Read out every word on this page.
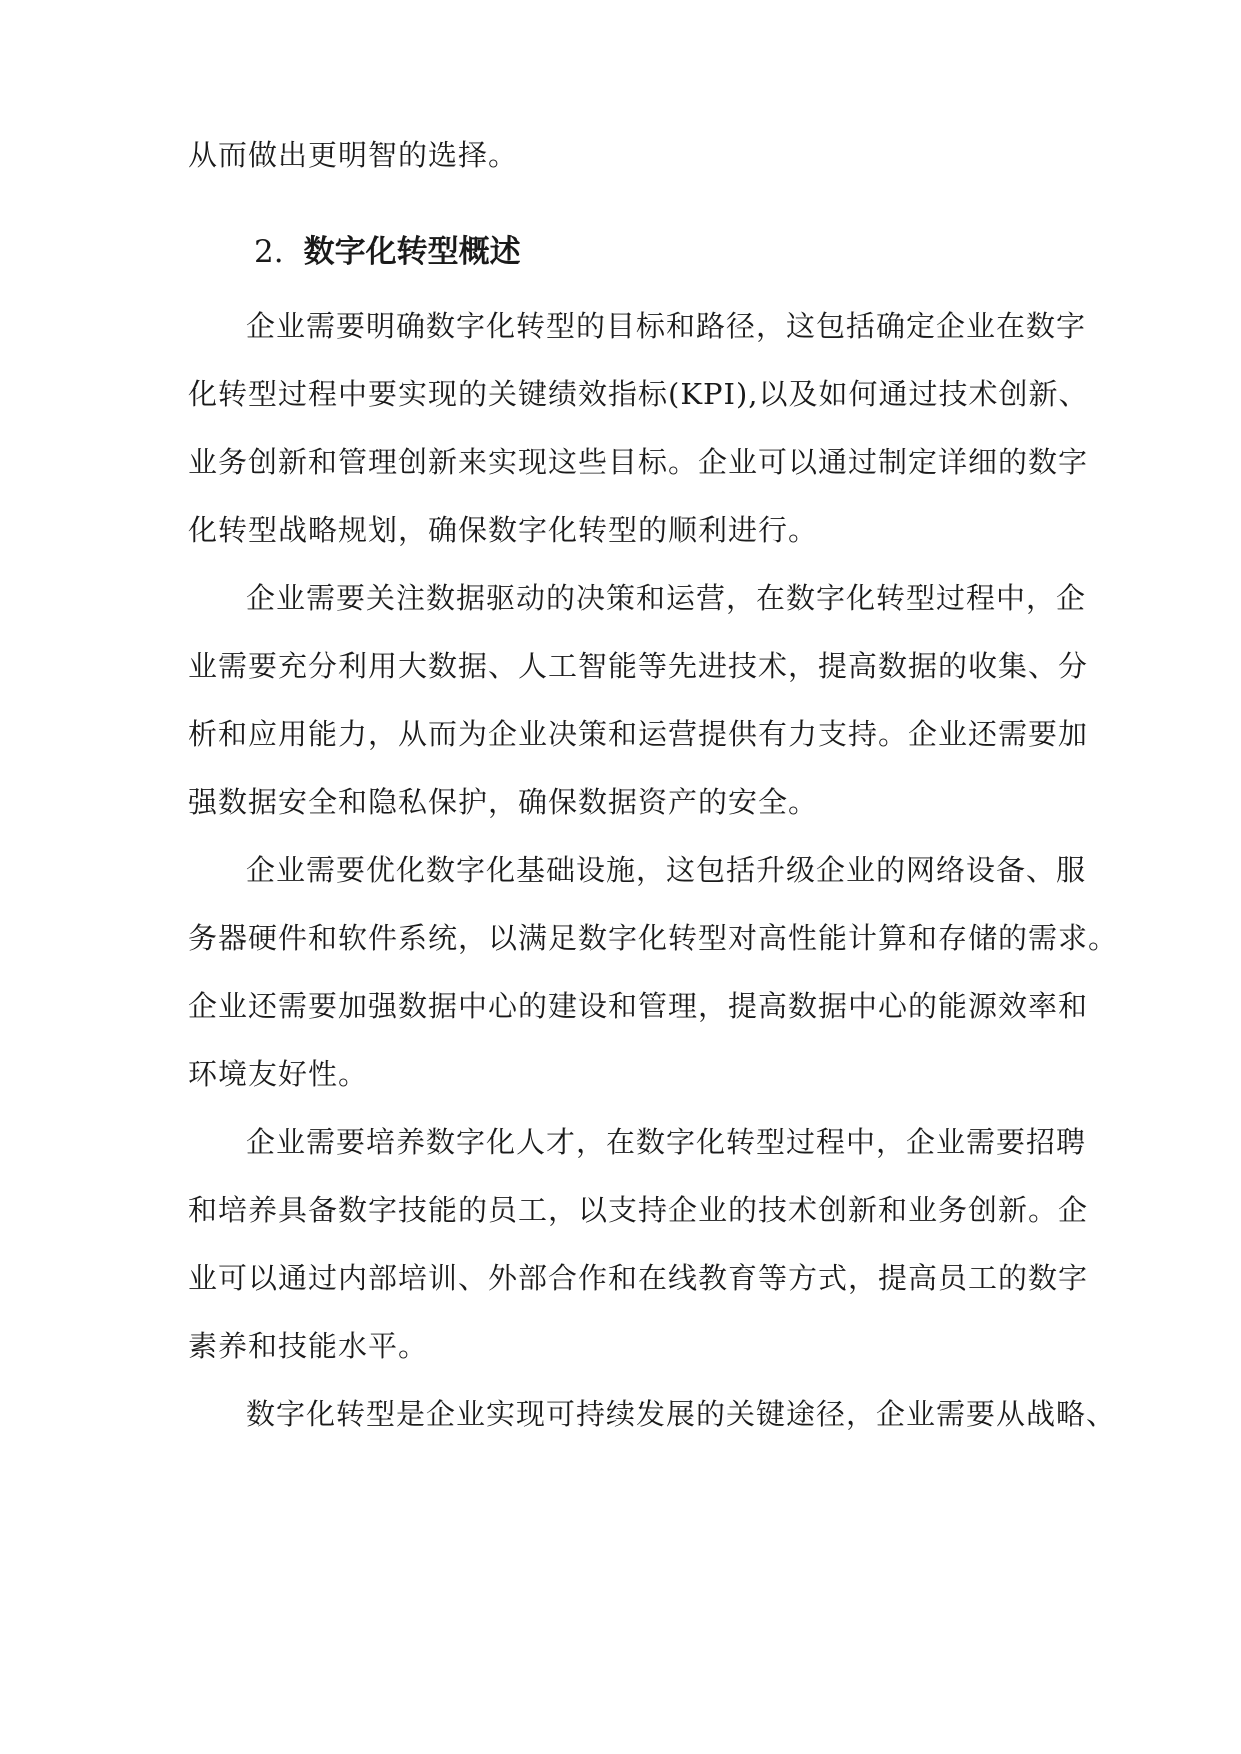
从而做出更明智的选择。
2. 数字化转型概述
企业需要明确数字化转型的目标和路径，这包括确定企业在数字
化转型过程中要实现的关键绩效指标(KPI),以及如何通过技术创新、
业务创新和管理创新来实现这些目标。企业可以通过制定详细的数字
化转型战略规划，确保数字化转型的顺利进行。
企业需要关注数据驱动的决策和运营，在数字化转型过程中，企
业需要充分利用大数据、人工智能等先进技术，提高数据的收集、分
析和应用能力，从而为企业决策和运营提供有力支持。企业还需要加
强数据安全和隐私保护，确保数据资产的安全。
企业需要优化数字化基础设施，这包括升级企业的网络设备、服
务器硬件和软件系统，以满足数字化转型对高性能计算和存储的需求。
企业还需要加强数据中心的建设和管理，提高数据中心的能源效率和
环境友好性。
企业需要培养数字化人才，在数字化转型过程中，企业需要招聘
和培养具备数字技能的员工，以支持企业的技术创新和业务创新。企
业可以通过内部培训、外部合作和在线教育等方式，提高员工的数字
素养和技能水平。
数字化转型是企业实现可持续发展的关键途径，企业需要从战略、
